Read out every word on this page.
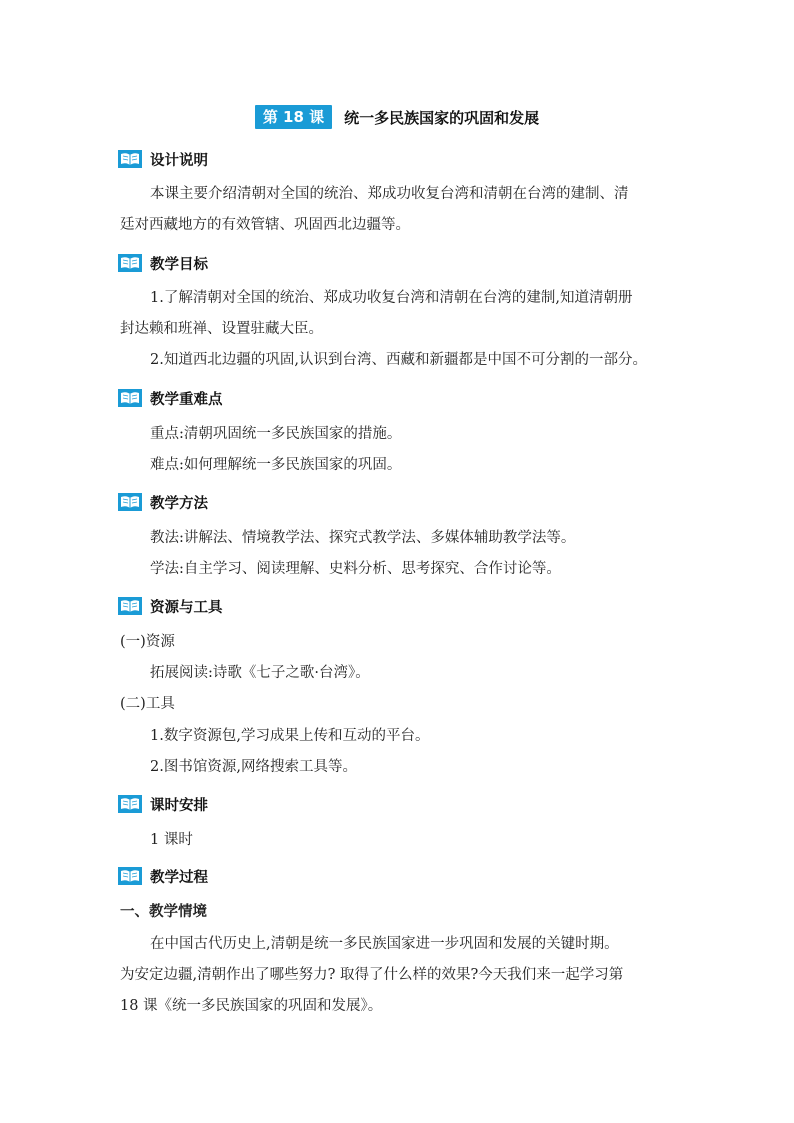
第 18 课	统一多民族国家的巩固和发展
设计说明
本课主要介绍清朝对全国的统治、郑成功收复台湾和清朝在台湾的建制、清
廷对西藏地方的有效管辖、巩固西北边疆等。
教学目标
1.了解清朝对全国的统治、郑成功收复台湾和清朝在台湾的建制,知道清朝册
封达赖和班禅、设置驻藏大臣。
2.知道西北边疆的巩固,认识到台湾、西藏和新疆都是中国不可分割的一部分。
教学重难点
重点:清朝巩固统一多民族国家的措施。
难点:如何理解统一多民族国家的巩固。
教学方法
教法:讲解法、情境教学法、探究式教学法、多媒体辅助教学法等。
学法:自主学习、阅读理解、史料分析、思考探究、合作讨论等。
资源与工具
(一)资源
拓展阅读:诗歌《七子之歌·台湾》。
(二)工具
1.数字资源包,学习成果上传和互动的平台。
2.图书馆资源,网络搜索工具等。
课时安排
1 课时
教学过程
一、教学情境
在中国古代历史上,清朝是统一多民族国家进一步巩固和发展的关键时期。
为安定边疆,清朝作出了哪些努力? 取得了什么样的效果?今天我们来一起学习第
18 课《统一多民族国家的巩固和发展》。
